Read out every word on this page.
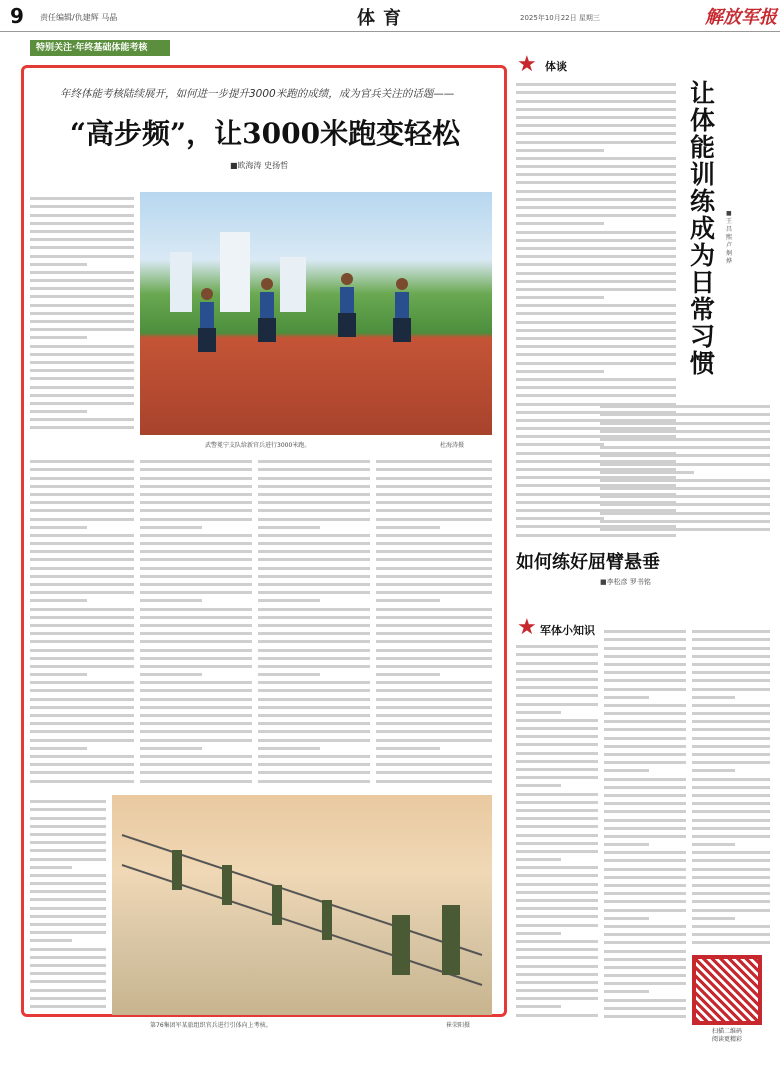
9 责任编辑/仇建辉 马晶	体育	2025年10月22日 星期三	解放军报
特别关注·年终基础体能考核
年终体能考核陆续展开，如何进一步提升3000米跑的成绩，成为官兵关注的话题——
“高步频”，让3000米跑变轻松
■欧海涛 史扬哲
武警冕宁支队给新官兵进行3000米跑。	杜海涛摄
第76集团军某旅组织官兵进行引体向上考核。	崔荣阳摄
★ 体谈
让体能训练成为日常习惯
■王昌熙 卢炯烨
如何练好屈臂悬垂
■李松彦 罗书铭
★ 军体小知识
扫描二维码
阅读更精彩
